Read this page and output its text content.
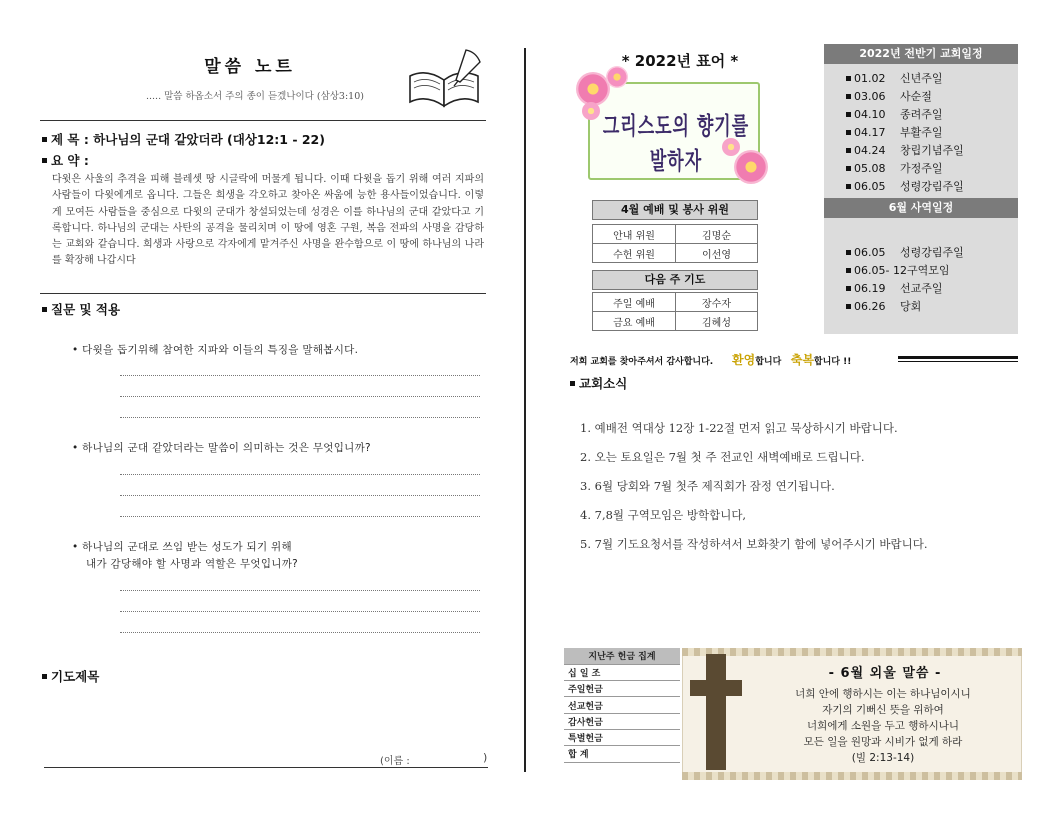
말씀 노트
..... 말씀 하옵소서 주의 종이 듣겠나이다 (삼상3:10)
제 목 : 하나님의 군대 같았더라 (대상12:1 - 22)
요 약 :
다윗은 사울의 추격을 피해 블레셋 땅 시글락에 머물게 됩니다. 이때 다윗을 돕기 위해 여러 지파의 사람들이 다윗에게로 옵니다. 그들은 희생을 각오하고 찾아온 싸움에 능한 용사들이었습니다. 이렇게 모여든 사람들을 중심으로 다윗의 군대가 창설되었는데 성경은 이를 하나님의 군대 같았다고 기록합니다. 하나님의 군대는 사탄의 공격을 물리치며 이 땅에 영혼 구원, 복음 전파의 사명을 감당하는 교회와 같습니다. 희생과 사랑으로 각자에게 맡겨주신 사명을 완수함으로 이 땅에 하나님의 나라를 확장해 나갑시다
질문 및 적용
• 다윗을 돕기위해 참여한 지파와 이들의 특징을 말해봅시다.
• 하나님의 군대 같았더라는 말씀이 의미하는 것은 무엇입니까?
• 하나님의 군대로 쓰임 받는 성도가 되기 위해
내가 감당해야 할 사명과 역할은 무엇입니까?
기도제목
(이름 :	)
* 2022년 표어 *
그리스도의 향기를 발하자
4월 예배 및 봉사 위원
안내 위원	김명순
수헌 위원	이선영
다음 주 기도
주일 예배	장수자
금요 예배	김혜성
2022년 전반기 교회일정
01.02 신년주일
03.06 사순절
04.10 종려주일
04.17 부활주일
04.24 창립기념주일
05.08 가정주일
06.05 성령강림주일
6월 사역일정
06.05 성령강림주일
06.05- 12구역모임
06.19 선교주일
06.26 당회
저희 교회를 찾아주셔서 감사합니다. 환영합니다 축복합니다 !!
교회소식
1. 예배전 역대상 12장 1-22절 먼저 읽고 묵상하시기 바랍니다.
2. 오는 토요일은 7월 첫 주 전교인 새벽예배로 드립니다.
3. 6월 당회와 7월 첫주 제직회가 잠정 연기됩니다.
4. 7,8월 구역모임은 방학합니다,
5. 7월 기도요청서를 작성하셔서 보화찾기 함에 넣어주시기 바랍니다.
지난주 헌금 집계
십 일 조
주일헌금
선교헌금
감사헌금
특별헌금
합 계
- 6월 외울 말씀 -
너희 안에 행하시는 이는 하나님이시니
자기의 기뻐신 뜻을 위하여
너희에게 소원을 두고 행하시나니
모든 일을 원망과 시비가 없게 하라
(빌 2:13-14)
